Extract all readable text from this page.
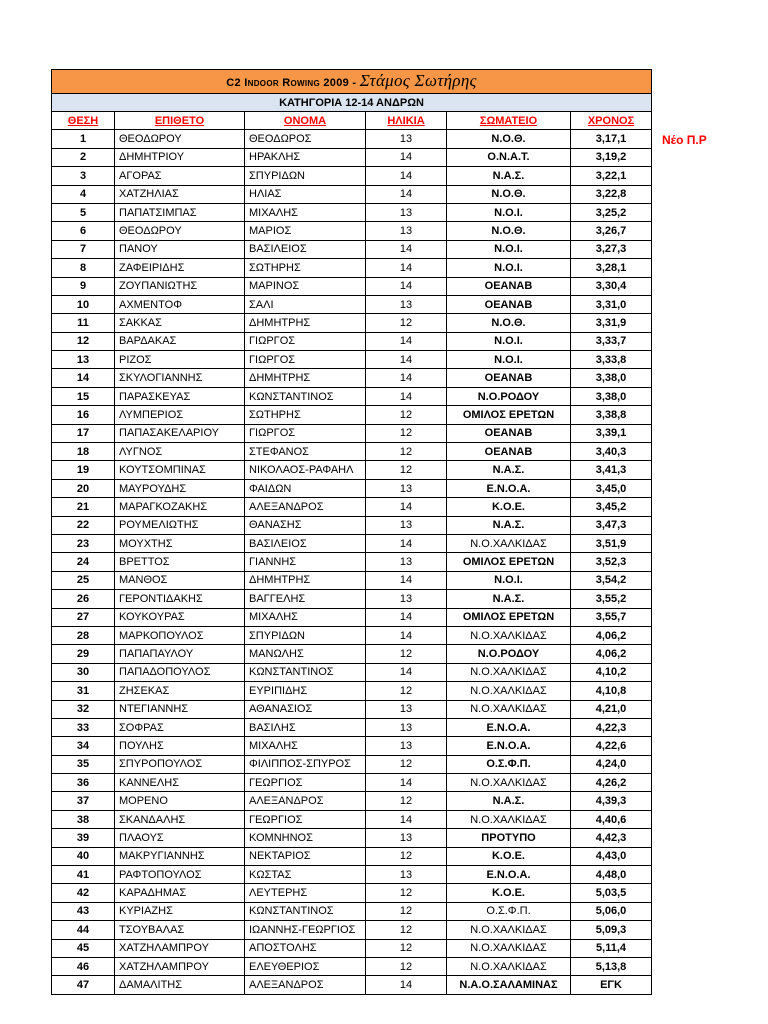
C2 Indoor Rowing 2009 - Στάμος Σωτήρης					
ΚΑΤΗΓΟΡΙΑ 12-14 ΑΝΔΡΩΝ					
ΘΕΣΗ	ΕΠΙΘΕΤΟ	ΟΝΟΜΑ	ΗΛΙΚΙΑ	ΣΩΜΑΤΕΙΟ	ΧΡΟΝΟΣ
1	ΘΕΟΔΩΡΟΥ	ΘΕΟΔΩΡΟΣ	13	Ν.Ο.Θ.	3,17,1
2	ΔΗΜΗΤΡΙΟΥ	ΗΡΑΚΛΗΣ	14	Ο.Ν.Α.Τ.	3,19,2
3	ΑΓΟΡΑΣ	ΣΠΥΡΙΔΩΝ	14	Ν.Α.Σ.	3,22,1
4	ΧΑΤΖΗΛΙΑΣ	ΗΛΙΑΣ	14	Ν.Ο.Θ.	3,22,8
5	ΠΑΠΑΤΣΙΜΠΑΣ	ΜΙΧΑΛΗΣ	13	Ν.Ο.Ι.	3,25,2
6	ΘΕΟΔΩΡΟΥ	ΜΑΡΙΟΣ	13	Ν.Ο.Θ.	3,26,7
7	ΠΑΝΟΥ	ΒΑΣΙΛΕΙΟΣ	14	Ν.Ο.Ι.	3,27,3
8	ΖΑΦΕΙΡΙΔΗΣ	ΣΩΤΗΡΗΣ	14	Ν.Ο.Ι.	3,28,1
9	ΖΟΥΠΑΝΙΩΤΗΣ	ΜΑΡΙΝΟΣ	14	ΟΕΑΝΑΒ	3,30,4
10	ΑΧΜΕΝΤΟΦ	ΣΑΛΙ	13	ΟΕΑΝΑΒ	3,31,0
11	ΣΑΚΚΑΣ	ΔΗΜΗΤΡΗΣ	12	Ν.Ο.Θ.	3,31,9
12	ΒΑΡΔΑΚΑΣ	ΓΙΩΡΓΟΣ	14	Ν.Ο.Ι.	3,33,7
13	ΡΙΖΟΣ	ΓΙΩΡΓΟΣ	14	Ν.Ο.Ι.	3,33,8
14	ΣΚΥΛΟΓΙΑΝΝΗΣ	ΔΗΜΗΤΡΗΣ	14	ΟΕΑΝΑΒ	3,38,0
15	ΠΑΡΑΣΚΕΥΑΣ	ΚΩΝΣΤΑΝΤΙΝΟΣ	14	Ν.Ο.ΡΟΔΟΥ	3,38,0
16	ΛΥΜΠΕΡΙΟΣ	ΣΩΤΗΡΗΣ	12	ΟΜΙΛΟΣ ΕΡΕΤΩΝ	3,38,8
17	ΠΑΠΑΣΑΚΕΛΑΡΙΟΥ	ΓΙΩΡΓΟΣ	12	ΟΕΑΝΑΒ	3,39,1
18	ΛΥΓΝΟΣ	ΣΤΕΦΑΝΟΣ	12	ΟΕΑΝΑΒ	3,40,3
19	ΚΟΥΤΣΟΜΠΙΝΑΣ	ΝΙΚΟΛΑΟΣ-ΡΑΦΑΗΛ	12	Ν.Α.Σ.	3,41,3
20	ΜΑΥΡΟΥΔΗΣ	ΦΑΙΔΩΝ	13	Ε.Ν.Ο.Α.	3,45,0
21	ΜΑΡΑΓΚΟΖΑΚΗΣ	ΑΛΕΞΑΝΔΡΟΣ	14	Κ.Ο.Ε.	3,45,2
22	ΡΟΥΜΕΛΙΩΤΗΣ	ΘΑΝΑΣΗΣ	13	Ν.Α.Σ.	3,47,3
23	ΜΟΥΧΤΗΣ	ΒΑΣΙΛΕΙΟΣ	14	Ν.Ο.ΧΑΛΚΙΔΑΣ	3,51,9
24	ΒΡΕΤΤΟΣ	ΓΙΑΝΝΗΣ	13	ΟΜΙΛΟΣ ΕΡΕΤΩΝ	3,52,3
25	ΜΑΝΘΟΣ	ΔΗΜΗΤΡΗΣ	14	Ν.Ο.Ι.	3,54,2
26	ΓΕΡΟΝΤΙΔΑΚΗΣ	ΒΑΓΓΕΛΗΣ	13	Ν.Α.Σ.	3,55,2
27	ΚΟΥΚΟΥΡΑΣ	ΜΙΧΑΛΗΣ	14	ΟΜΙΛΟΣ ΕΡΕΤΩΝ	3,55,7
28	ΜΑΡΚΟΠΟΥΛΟΣ	ΣΠΥΡΙΔΩΝ	14	Ν.Ο.ΧΑΛΚΙΔΑΣ	4,06,2
29	ΠΑΠΑΠΑΥΛΟΥ	ΜΑΝΩΛΗΣ	12	Ν.Ο.ΡΟΔΟΥ	4,06,2
30	ΠΑΠΑΔΟΠΟΥΛΟΣ	ΚΩΝΣΤΑΝΤΙΝΟΣ	14	Ν.Ο.ΧΑΛΚΙΔΑΣ	4,10,2
31	ΖΗΣΕΚΑΣ	ΕΥΡΙΠΙΔΗΣ	12	Ν.Ο.ΧΑΛΚΙΔΑΣ	4,10,8
32	ΝΤΕΓΙΑΝΝΗΣ	ΑΘΑΝΑΣΙΟΣ	13	Ν.Ο.ΧΑΛΚΙΔΑΣ	4,21,0
33	ΣΟΦΡΑΣ	ΒΑΣΙΛΗΣ	13	Ε.Ν.Ο.Α.	4,22,3
34	ΠΟΥΛΗΣ	ΜΙΧΑΛΗΣ	13	Ε.Ν.Ο.Α.	4,22,6
35	ΣΠΥΡΟΠΟΥΛΟΣ	ΦΙΛΙΠΠΟΣ-ΣΠΥΡΟΣ	12	Ο.Σ.Φ.Π.	4,24,0
36	ΚΑΝΝΕΛΗΣ	ΓΕΩΡΓΙΟΣ	14	Ν.Ο.ΧΑΛΚΙΔΑΣ	4,26,2
37	ΜΟΡΕΝΟ	ΑΛΕΞΑΝΔΡΟΣ	12	Ν.Α.Σ.	4,39,3
38	ΣΚΑΝΔΑΛΗΣ	ΓΕΩΡΓΙΟΣ	14	Ν.Ο.ΧΑΛΚΙΔΑΣ	4,40,6
39	ΠΛΑΟΥΣ	ΚΟΜΝΗΝΟΣ	13	ΠΡΟΤΥΠΟ	4,42,3
40	ΜΑΚΡΥΓΙΑΝΝΗΣ	ΝΕΚΤΑΡΙΟΣ	12	Κ.Ο.Ε.	4,43,0
41	ΡΑΦΤΟΠΟΥΛΟΣ	ΚΩΣΤΑΣ	13	Ε.Ν.Ο.Α.	4,48,0
42	ΚΑΡΑΔΗΜΑΣ	ΛΕΥΤΕΡΗΣ	12	Κ.Ο.Ε.	5,03,5
43	ΚΥΡΙΑΖΗΣ	ΚΩΝΣΤΑΝΤΙΝΟΣ	12	Ο.Σ.Φ.Π.	5,06,0
44	ΤΣΟΥΒΑΛΑΣ	ΙΩΑΝΝΗΣ-ΓΕΩΡΓΙΟΣ	12	Ν.Ο.ΧΑΛΚΙΔΑΣ	5,09,3
45	ΧΑΤΖΗΛΑΜΠΡΟΥ	ΑΠΟΣΤΟΛΗΣ	12	Ν.Ο.ΧΑΛΚΙΔΑΣ	5,11,4
46	ΧΑΤΖΗΛΑΜΠΡΟΥ	ΕΛΕΥΘΕΡΙΟΣ	12	Ν.Ο.ΧΑΛΚΙΔΑΣ	5,13,8
47	ΔΑΜΑΛΙΤΗΣ	ΑΛΕΞΑΝΔΡΟΣ	14	Ν.Α.Ο.ΣΑΛΑΜΙΝΑΣ	ΕΓΚ
Νέο Π.Ρ
